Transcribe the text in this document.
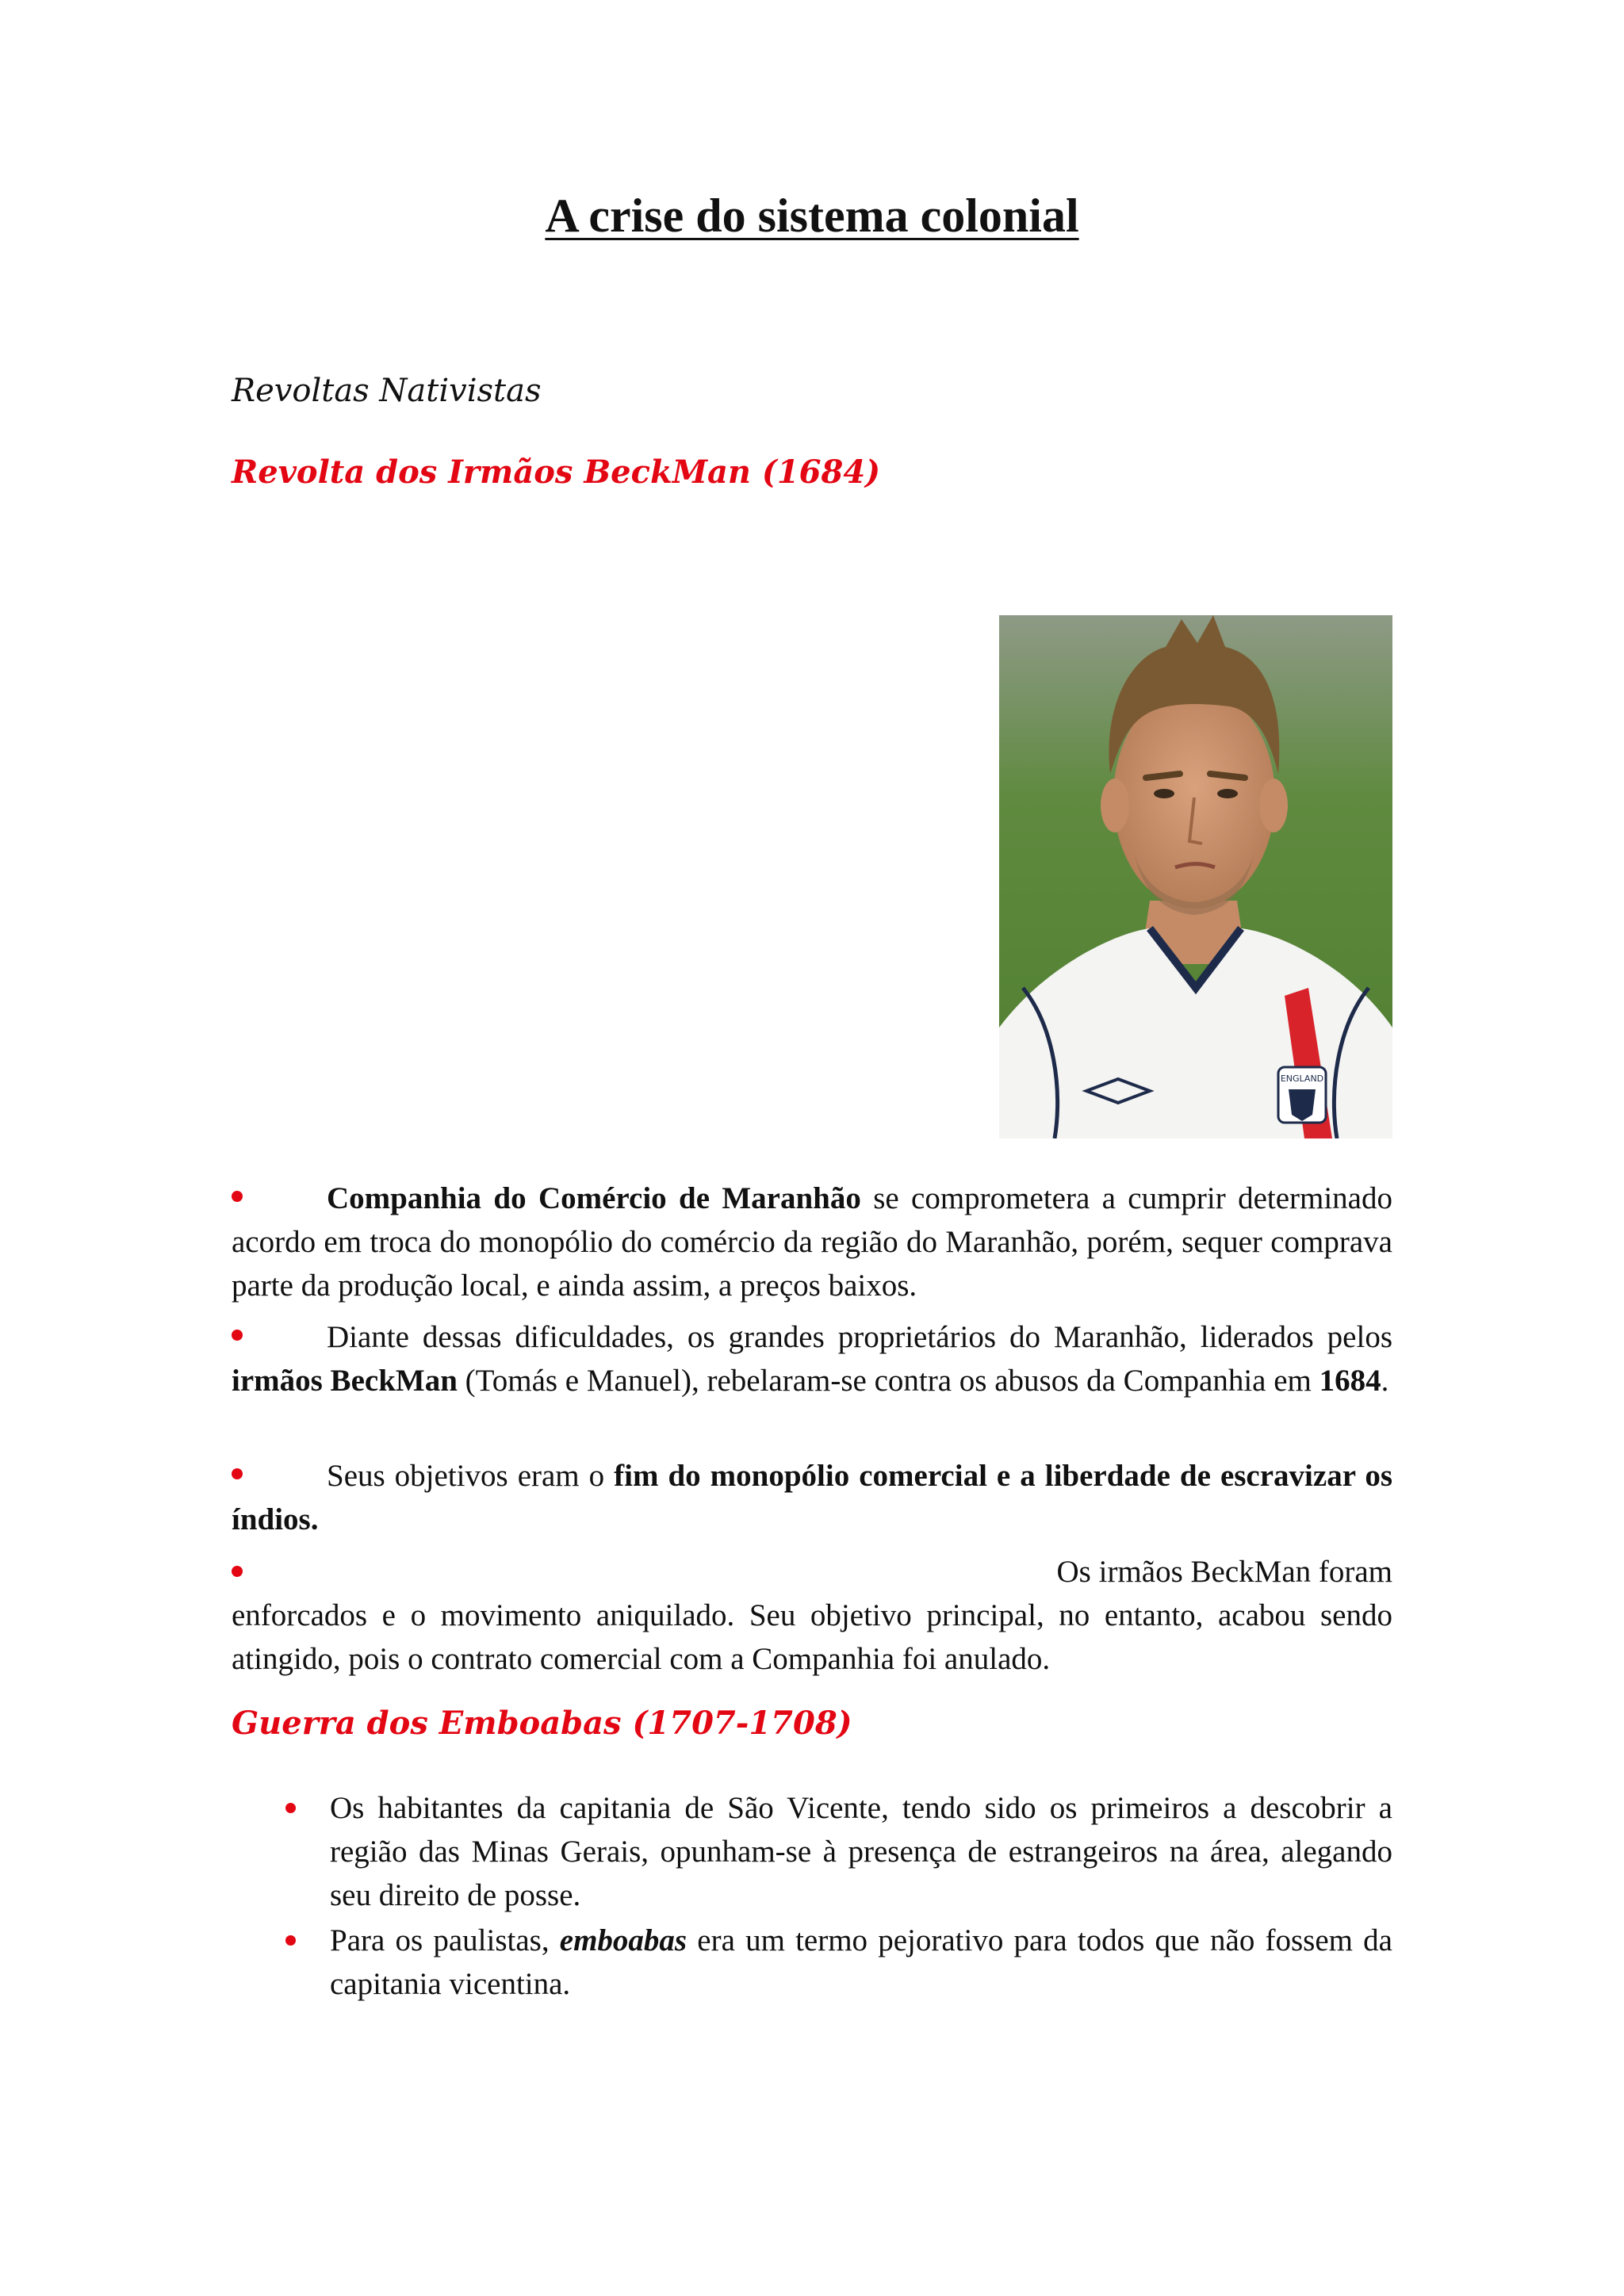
A crise do sistema colonial

Revoltas Nativistas

Revolta dos Irmãos BeckMan (1684)
ENGLAND

Companhia do Comércio de Maranhão se comprometera a cumprir determinado acordo em troca do monopólio do comércio da região do Maranhão, porém, sequer comprava parte da produção local, e ainda assim, a preços baixos.

Diante dessas dificuldades, os grandes proprietários do Maranhão, liderados pelos irmãos BeckMan (Tomás e Manuel), rebelaram-se contra os abusos da Companhia em 1684.

Seus objetivos eram o fim do monopólio comercial e a liberdade de escravizar os índios.

Os irmãos BeckMan foram
enforcados e o movimento aniquilado. Seu objetivo principal, no entanto, acabou sendo atingido, pois o contrato comercial com a Companhia foi anulado.

Guerra dos Emboabas (1707-1708)
Os habitantes da capitania de São Vicente, tendo sido os primeiros a descobrir a região das Minas Gerais, opunham-se à presença de estrangeiros na área, alegando seu direito de posse.
Para os paulistas, emboabas era um termo pejorativo para todos que não fossem da capitania vicentina.
